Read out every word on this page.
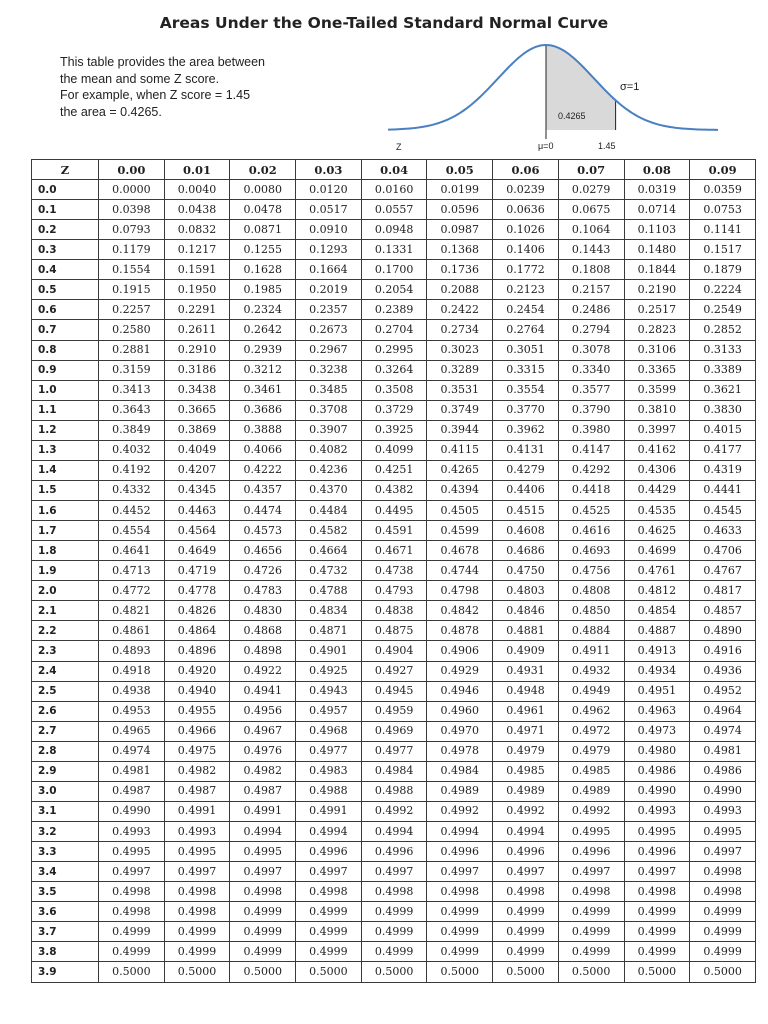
Areas Under the One-Tailed Standard Normal Curve
This table provides the area between
the mean and some Z score.
For example, when Z score = 1.45
the area = 0.4265.
σ=1
0.4265
Z	μ=0	1.45
Z	0.00	0.01	0.02	0.03	0.04	0.05	0.06	0.07	0.08	0.09
0.0	0.0000	0.0040	0.0080	0.0120	0.0160	0.0199	0.0239	0.0279	0.0319	0.0359
0.1	0.0398	0.0438	0.0478	0.0517	0.0557	0.0596	0.0636	0.0675	0.0714	0.0753
0.2	0.0793	0.0832	0.0871	0.0910	0.0948	0.0987	0.1026	0.1064	0.1103	0.1141
0.3	0.1179	0.1217	0.1255	0.1293	0.1331	0.1368	0.1406	0.1443	0.1480	0.1517
0.4	0.1554	0.1591	0.1628	0.1664	0.1700	0.1736	0.1772	0.1808	0.1844	0.1879
0.5	0.1915	0.1950	0.1985	0.2019	0.2054	0.2088	0.2123	0.2157	0.2190	0.2224
0.6	0.2257	0.2291	0.2324	0.2357	0.2389	0.2422	0.2454	0.2486	0.2517	0.2549
0.7	0.2580	0.2611	0.2642	0.2673	0.2704	0.2734	0.2764	0.2794	0.2823	0.2852
0.8	0.2881	0.2910	0.2939	0.2967	0.2995	0.3023	0.3051	0.3078	0.3106	0.3133
0.9	0.3159	0.3186	0.3212	0.3238	0.3264	0.3289	0.3315	0.3340	0.3365	0.3389
1.0	0.3413	0.3438	0.3461	0.3485	0.3508	0.3531	0.3554	0.3577	0.3599	0.3621
1.1	0.3643	0.3665	0.3686	0.3708	0.3729	0.3749	0.3770	0.3790	0.3810	0.3830
1.2	0.3849	0.3869	0.3888	0.3907	0.3925	0.3944	0.3962	0.3980	0.3997	0.4015
1.3	0.4032	0.4049	0.4066	0.4082	0.4099	0.4115	0.4131	0.4147	0.4162	0.4177
1.4	0.4192	0.4207	0.4222	0.4236	0.4251	0.4265	0.4279	0.4292	0.4306	0.4319
1.5	0.4332	0.4345	0.4357	0.4370	0.4382	0.4394	0.4406	0.4418	0.4429	0.4441
1.6	0.4452	0.4463	0.4474	0.4484	0.4495	0.4505	0.4515	0.4525	0.4535	0.4545
1.7	0.4554	0.4564	0.4573	0.4582	0.4591	0.4599	0.4608	0.4616	0.4625	0.4633
1.8	0.4641	0.4649	0.4656	0.4664	0.4671	0.4678	0.4686	0.4693	0.4699	0.4706
1.9	0.4713	0.4719	0.4726	0.4732	0.4738	0.4744	0.4750	0.4756	0.4761	0.4767
2.0	0.4772	0.4778	0.4783	0.4788	0.4793	0.4798	0.4803	0.4808	0.4812	0.4817
2.1	0.4821	0.4826	0.4830	0.4834	0.4838	0.4842	0.4846	0.4850	0.4854	0.4857
2.2	0.4861	0.4864	0.4868	0.4871	0.4875	0.4878	0.4881	0.4884	0.4887	0.4890
2.3	0.4893	0.4896	0.4898	0.4901	0.4904	0.4906	0.4909	0.4911	0.4913	0.4916
2.4	0.4918	0.4920	0.4922	0.4925	0.4927	0.4929	0.4931	0.4932	0.4934	0.4936
2.5	0.4938	0.4940	0.4941	0.4943	0.4945	0.4946	0.4948	0.4949	0.4951	0.4952
2.6	0.4953	0.4955	0.4956	0.4957	0.4959	0.4960	0.4961	0.4962	0.4963	0.4964
2.7	0.4965	0.4966	0.4967	0.4968	0.4969	0.4970	0.4971	0.4972	0.4973	0.4974
2.8	0.4974	0.4975	0.4976	0.4977	0.4977	0.4978	0.4979	0.4979	0.4980	0.4981
2.9	0.4981	0.4982	0.4982	0.4983	0.4984	0.4984	0.4985	0.4985	0.4986	0.4986
3.0	0.4987	0.4987	0.4987	0.4988	0.4988	0.4989	0.4989	0.4989	0.4990	0.4990
3.1	0.4990	0.4991	0.4991	0.4991	0.4992	0.4992	0.4992	0.4992	0.4993	0.4993
3.2	0.4993	0.4993	0.4994	0.4994	0.4994	0.4994	0.4994	0.4995	0.4995	0.4995
3.3	0.4995	0.4995	0.4995	0.4996	0.4996	0.4996	0.4996	0.4996	0.4996	0.4997
3.4	0.4997	0.4997	0.4997	0.4997	0.4997	0.4997	0.4997	0.4997	0.4997	0.4998
3.5	0.4998	0.4998	0.4998	0.4998	0.4998	0.4998	0.4998	0.4998	0.4998	0.4998
3.6	0.4998	0.4998	0.4999	0.4999	0.4999	0.4999	0.4999	0.4999	0.4999	0.4999
3.7	0.4999	0.4999	0.4999	0.4999	0.4999	0.4999	0.4999	0.4999	0.4999	0.4999
3.8	0.4999	0.4999	0.4999	0.4999	0.4999	0.4999	0.4999	0.4999	0.4999	0.4999
3.9	0.5000	0.5000	0.5000	0.5000	0.5000	0.5000	0.5000	0.5000	0.5000	0.5000
